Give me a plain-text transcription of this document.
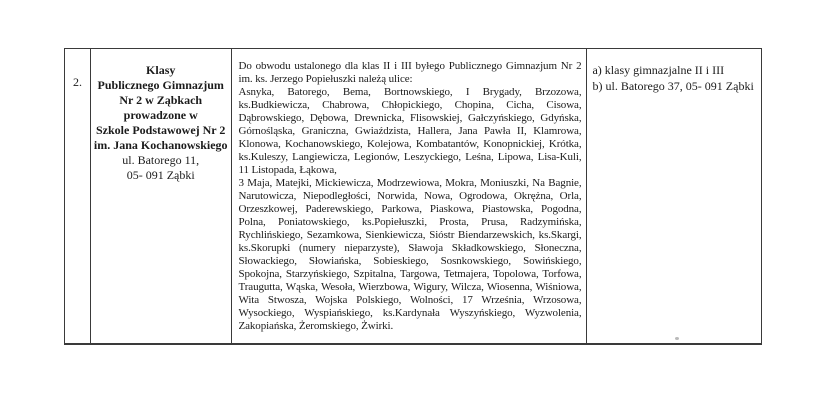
2.
Klasy
Publicznego Gimnazjum
Nr 2 w Ząbkach
prowadzone w
Szkole Podstawowej Nr 2
im. Jana Kochanowskiego
ul. Batorego 11,
05- 091 Ząbki

Do obwodu ustalonego dla klas II i III byłego Publicznego Gimnazjum Nr 2 im. ks. Jerzego Popiełuszki należą ulice:

Asnyka, Batorego, Bema, Bortnowskiego, I Brygady, Brzozowa, ks.Budkiewicza, Chabrowa, Chłopickiego, Chopina, Cicha, Cisowa, Dąbrowskiego, Dębowa, Drewnicka, Flisowskiej, Gałczyńskiego, Gdyńska, Górnośląska, Graniczna, Gwiaździsta, Hallera, Jana Pawła II, Klamrowa, Klonowa, Kochanowskiego, Kolejowa, Kombatantów, Konopnickiej, Krótka, ks.Kuleszy, Langiewicza, Legionów, Leszyckiego, Leśna, Lipowa, Lisa-Kuli, 11 Listopada, Łąkowa,

3 Maja, Matejki, Mickiewicza, Modrzewiowa, Mokra, Moniuszki, Na Bagnie, Narutowicza, Niepodległości, Norwida, Nowa, Ogrodowa, Okrężna, Orla, Orzeszkowej, Paderewskiego, Parkowa, Piaskowa, Piastowska, Pogodna, Polna, Poniatowskiego, ks.Popiełuszki, Prosta, Prusa, Radzymińska, Rychlińskiego, Sezamkowa, Sienkiewicza, Sióstr Biendarzewskich, ks.Skargi, ks.Skorupki (numery nieparzyste), Sławoja Składkowskiego, Słoneczna, Słowackiego, Słowiańska, Sobieskiego, Sosnkowskiego, Sowińskiego, Spokojna, Starzyńskiego, Szpitalna, Targowa, Tetmajera, Topolowa, Torfowa, Traugutta, Wąska, Wesoła, Wierzbowa, Wigury, Wilcza, Wiosenna, Wiśniowa, Wita Stwosza, Wojska Polskiego, Wolności, 17 Września, Wrzosowa, Wysockiego, Wyspiańskiego, ks.Kardynała Wyszyńskiego, Wyzwolenia, Zakopiańska, Żeromskiego, Żwirki.

a) klasy gimnazjalne II i III
b) ul. Batorego 37, 05- 091 Ząbki
